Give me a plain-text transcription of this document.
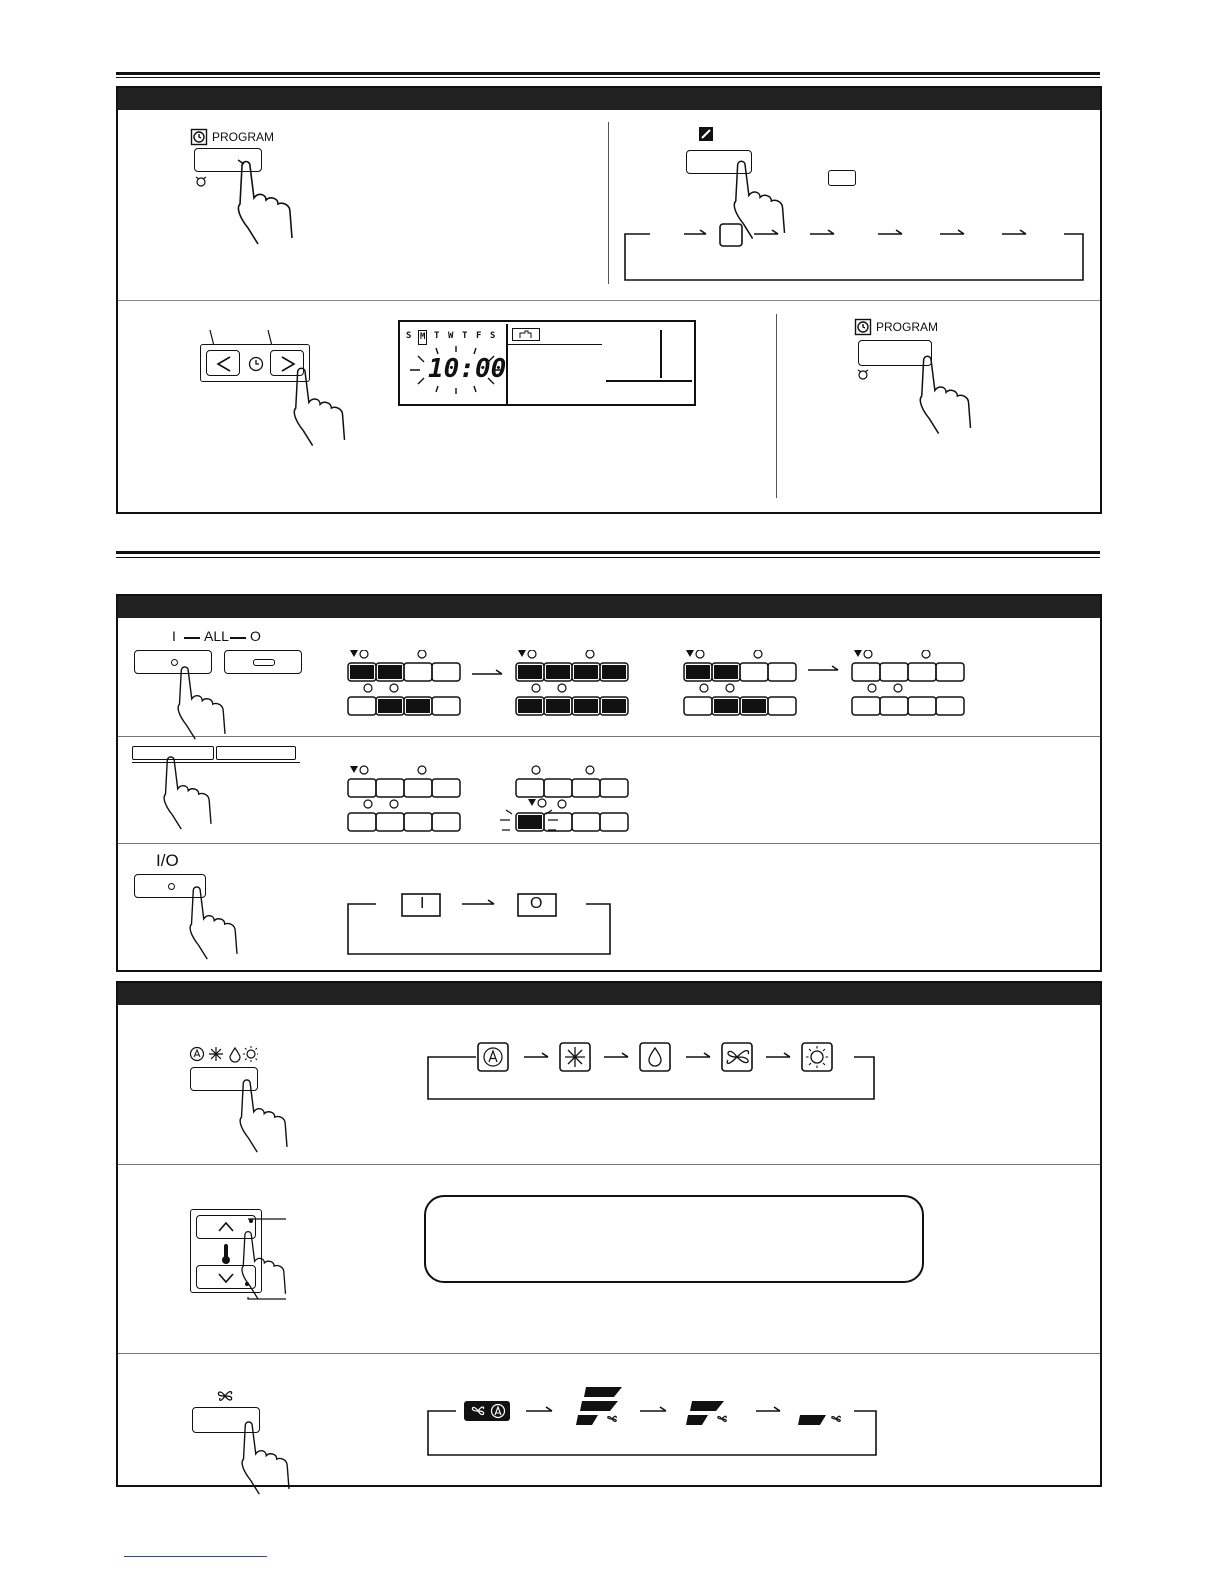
PROGRAM
S M T W T F S
10:00
PROGRAM
I ALL O
I/O
I	O
